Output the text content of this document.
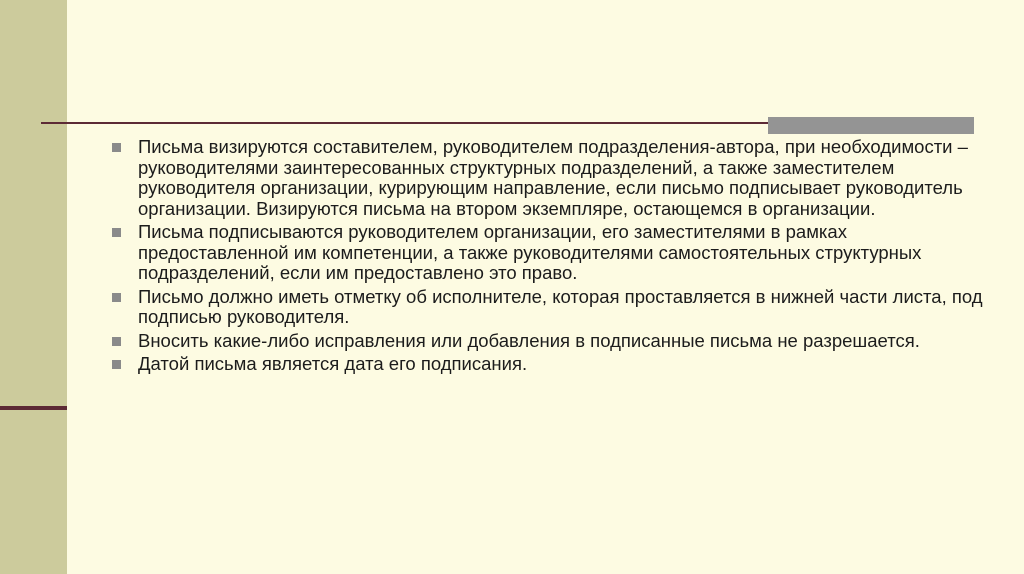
Письма визируются составителем, руководителем подразделения-автора, при необходимости – руководителями заинтересованных структурных подразделений, а также заместителем руководителя организации, курирующим направление, если письмо подписывает руководитель организации. Визируются письма на втором экземпляре, остающемся в организации.
Письма подписываются руководителем организации, его заместителями в рамках предоставленной им компетенции, а также руководителями самостоятельных структурных подразделений, если им предоставлено это право.
Письмо должно иметь отметку об исполнителе, которая проставляется в нижней части листа, под подписью руководителя.
Вносить какие-либо исправления или добавления в подписанные письма не разрешается.
Датой письма является дата его подписания.
